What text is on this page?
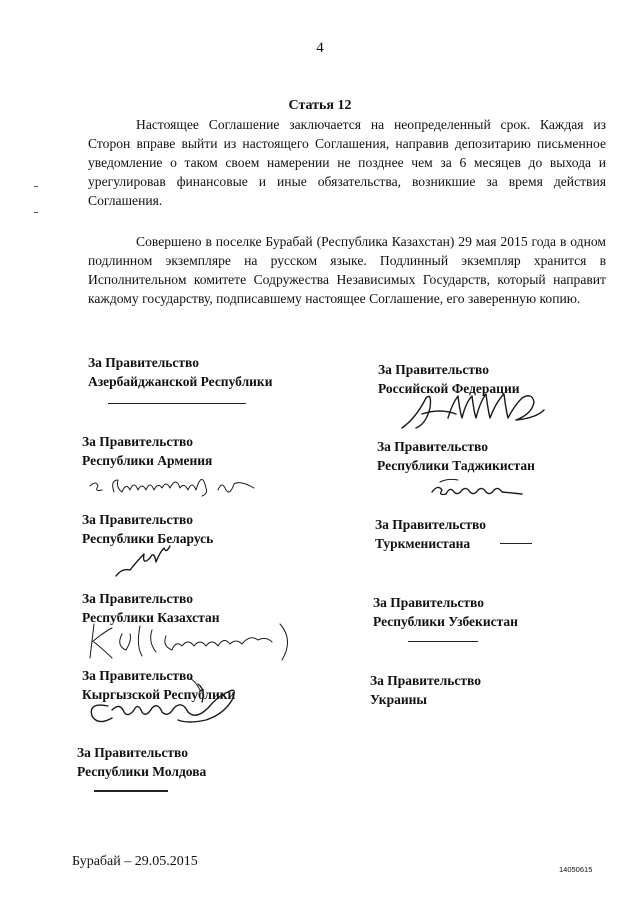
4
Статья 12

Настоящее Соглашение заключается на неопределенный срок. Каждая из Сторон вправе выйти из настоящего Соглашения, направив депозитарию письменное уведомление о таком своем намерении не позднее чем за 6 месяцев до выхода и урегулировав финансовые и иные обязательства, возникшие за время действия Соглашения.

Совершено в поселке Бурабай (Республика Казахстан) 29 мая 2015 года в одном подлинном экземпляре на русском языке. Подлинный экземпляр хранится в Исполнительном комитете Содружества Независимых Государств, который направит каждому государству, подписавшему настоящее Соглашение, его заверенную копию.

За Правительство
Азербайджанской Республики
За Правительство
Республики Армения
За Правительство
Республики Беларусь
За Правительство
Республики Казахстан
За Правительство
Кыргызской Республики
За Правительство
Республики Молдова
За Правительство
Российской Федерации
За Правительство
Республики Таджикистан
За Правительство
Туркменистана
За Правительство
Республики Узбекистан
За Правительство
Украины
Бурабай – 29.05.2015
14050615
